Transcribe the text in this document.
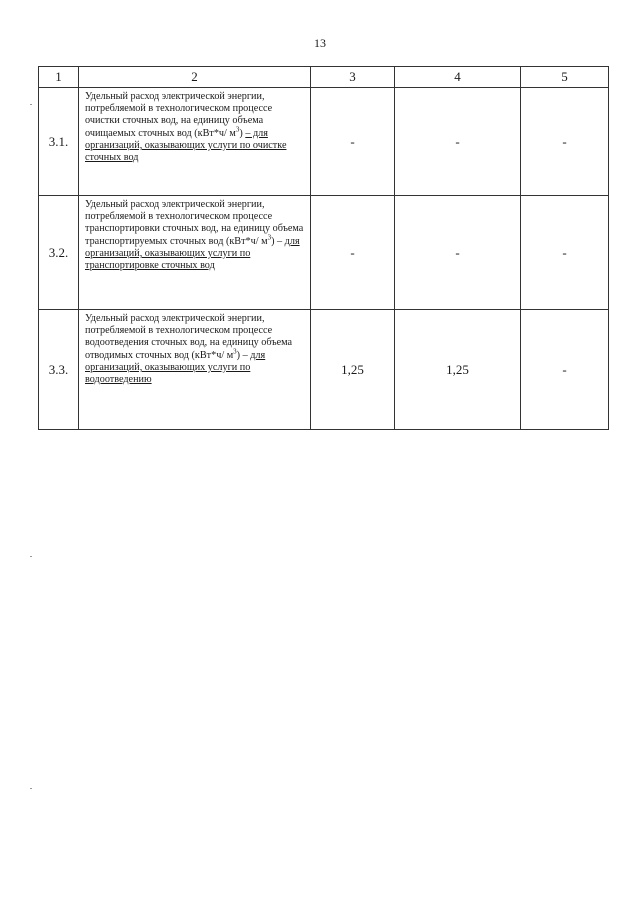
13
1	2	3	4	5
3.1.	Удельный расход электрической энергии, потребляемой в технологическом процессе очистки сточных вод, на единицу объема очищаемых сточных вод (кВт*ч/ $м^3$) – для организаций, оказывающих услуги по очистке сточных вод	-	-	-
3.2.	Удельный расход электрической энергии, потребляемой в технологическом процессе транспортировки сточных вод, на единицу объема транспортируемых сточных вод (кВт*ч/ $м^3$) – для организаций, оказывающих услуги по транспортировке сточных вод	-	-	-
3.3.	Удельный расход электрической энергии, потребляемой в технологическом процессе водоотведения сточных вод, на единицу объема отводимых сточных вод (кВт*ч/ $м^3$) – для организаций, оказывающих услуги по водоотведению	1,25	1,25	-
